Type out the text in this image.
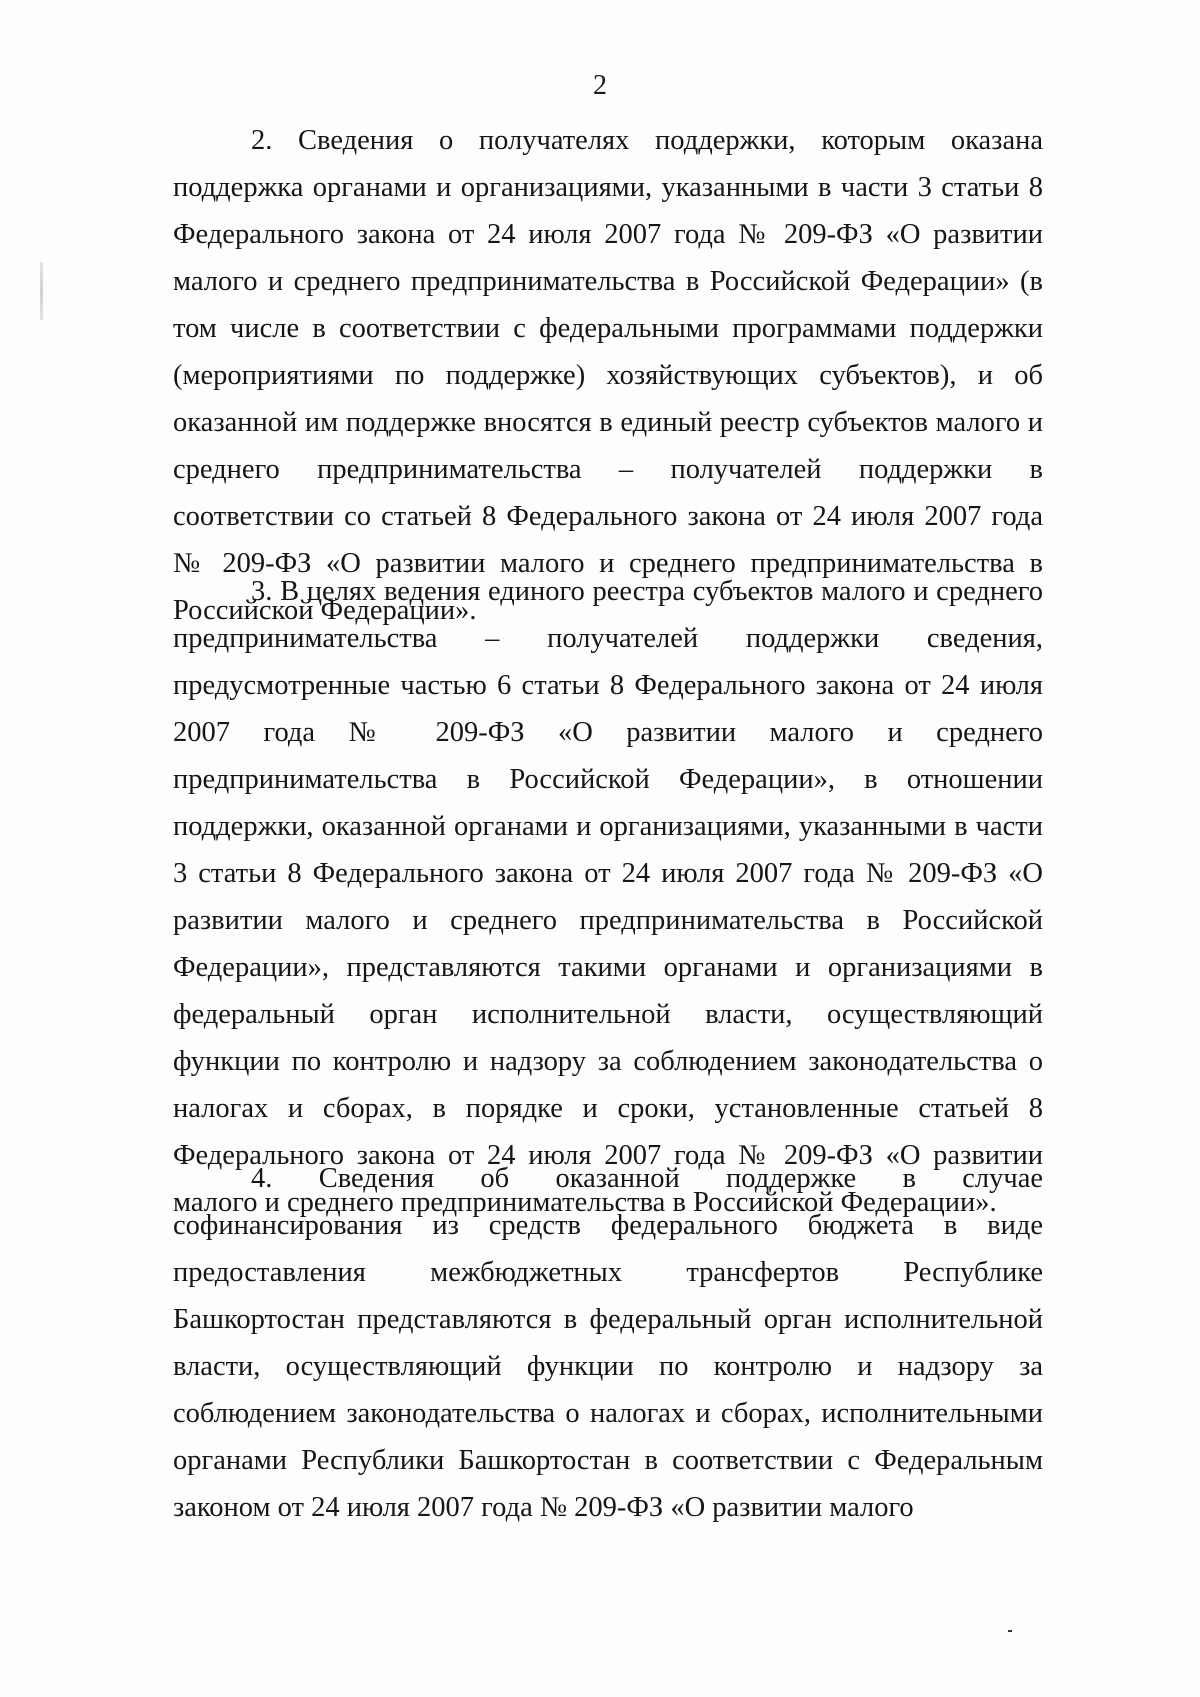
2

2. Сведения о получателях поддержки, которым оказана поддержка органами и организациями, указанными в части 3 статьи 8 Федерального закона от 24 июля 2007 года № 209-ФЗ «О развитии малого и среднего предпринимательства в Российской Федерации» (в том числе в соответствии с федеральными программами поддержки (мероприятиями по поддержке) хозяйствующих субъектов), и об оказанной им поддержке вносятся в единый реестр субъектов малого и среднего предпринимательства – получателей поддержки в соответствии со статьей 8 Федерального закона от 24 июля 2007 года № 209-ФЗ «О развитии малого и среднего предпринимательства в Российской Федерации».

3. В целях ведения единого реестра субъектов малого и среднего предпринимательства – получателей поддержки сведения, предусмотренные частью 6 статьи 8 Федерального закона от 24 июля 2007 года № 209-ФЗ «О развитии малого и среднего предпринимательства в Российской Федерации», в отношении поддержки, оказанной органами и организациями, указанными в части 3 статьи 8 Федерального закона от 24 июля 2007 года № 209-ФЗ «О развитии малого и среднего предпринимательства в Российской Федерации», представляются такими органами и организациями в федеральный орган исполнительной власти, осуществляющий функции по контролю и надзору за соблюдением законодательства о налогах и сборах, в порядке и сроки, установленные статьей 8 Федерального закона от 24 июля 2007 года № 209-ФЗ «О развитии малого и среднего предпринимательства в Российской Федерации».

4. Сведения об оказанной поддержке в случае софинансирования из средств федерального бюджета в виде предоставления межбюджетных трансфертов Республике Башкортостан представляются в федеральный орган исполнительной власти, осуществляющий функции по контролю и надзору за соблюдением законодательства о налогах и сборах, исполнительными органами Республики Башкортостан в соответствии с Федеральным законом от 24 июля 2007 года № 209-ФЗ «О развитии малого
